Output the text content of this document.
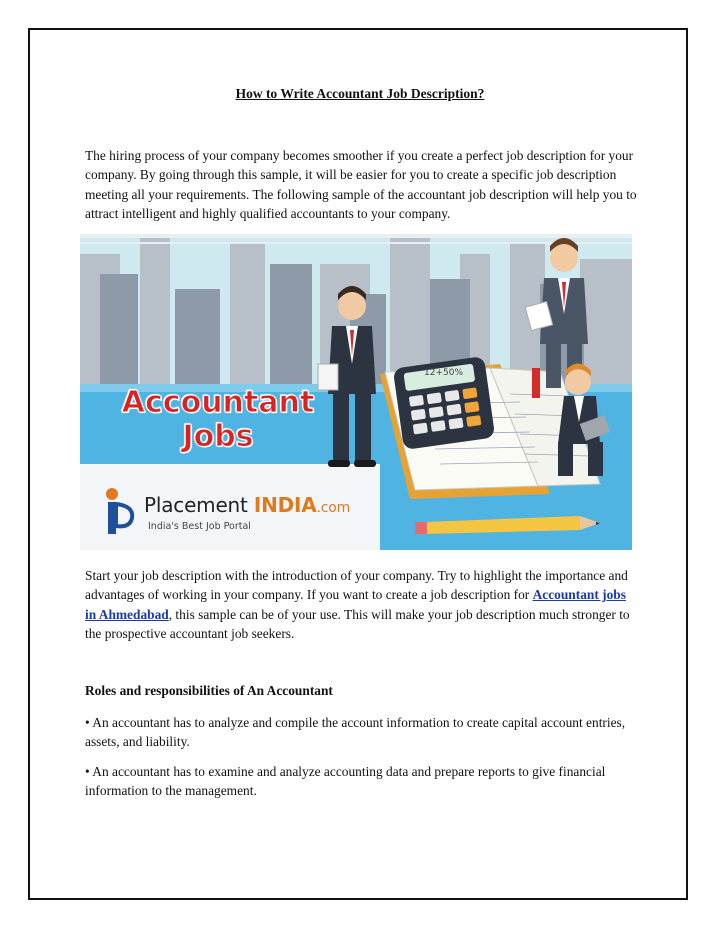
How to Write Accountant Job Description?

The hiring process of your company becomes smoother if you create a perfect job description for your company. By going through this sample, it will be easier for you to create a specific job description meeting all your requirements. The following sample of the accountant job description will help you to attract intelligent and highly qualified accountants to your company.

Accountant
Jobs
12+50%
Placement INDIA.com
India's Best Job Portal

Start your job description with the introduction of your company. Try to highlight the importance and advantages of working in your company. If you want to create a job description for Accountant jobs in Ahmedabad, this sample can be of your use. This will make your job description much stronger to the prospective accountant job seekers.

Roles and responsibilities of An Accountant

• An accountant has to analyze and compile the account information to create capital account entries, assets, and liability.

• An accountant has to examine and analyze accounting data and prepare reports to give financial information to the management.
